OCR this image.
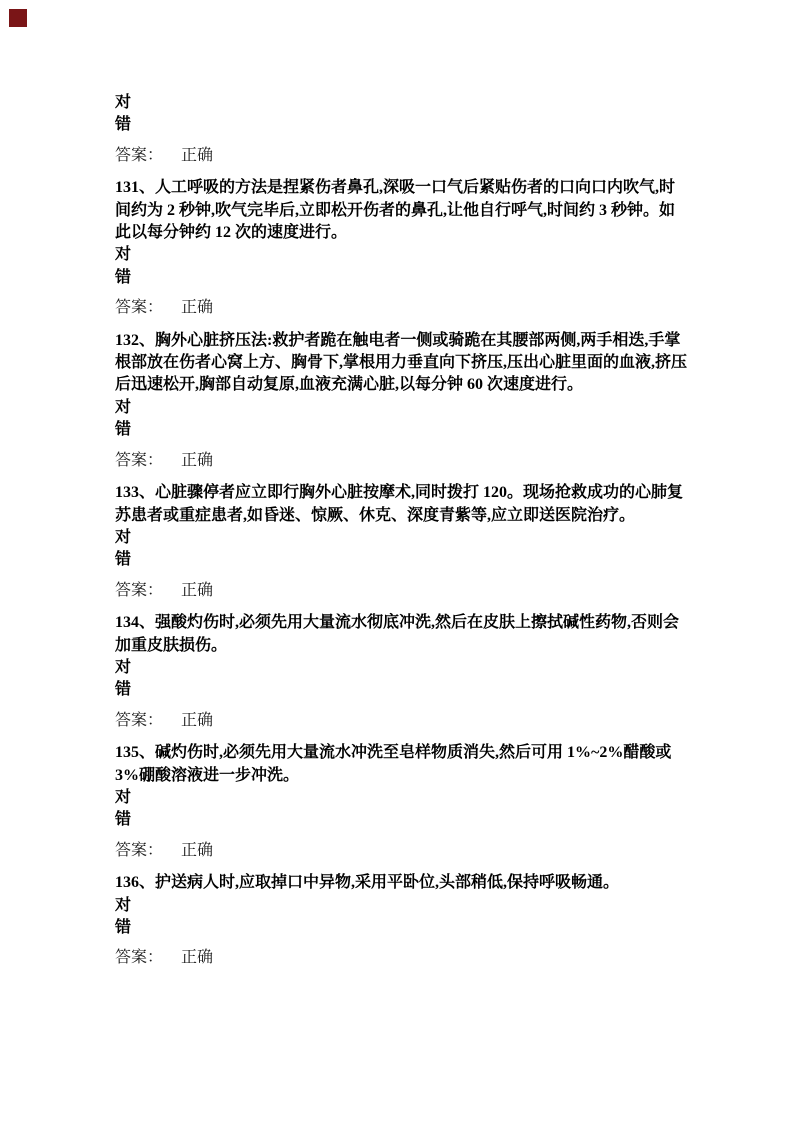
对
错
答案： 正确

131、人工呼吸的方法是捏紧伤者鼻孔,深吸一口气后紧贴伤者的口向口内吹气,时间约为 2 秒钟,吹气完毕后,立即松开伤者的鼻孔,让他自行呼气,时间约 3 秒钟。如此以每分钟约 12 次的速度进行。

对
错
答案： 正确

132、胸外心脏挤压法:救护者跪在触电者一侧或骑跪在其腰部两侧,两手相迭,手掌根部放在伤者心窝上方、胸骨下,掌根用力垂直向下挤压,压出心脏里面的血液,挤压后迅速松开,胸部自动复原,血液充满心脏,以每分钟 60 次速度进行。

对
错
答案： 正确

133、心脏骤停者应立即行胸外心脏按摩术,同时拨打 120。现场抢救成功的心肺复苏患者或重症患者,如昏迷、惊厥、休克、深度青紫等,应立即送医院治疗。

对
错
答案： 正确

134、强酸灼伤时,必须先用大量流水彻底冲洗,然后在皮肤上擦拭碱性药物,否则会加重皮肤损伤。

对
错
答案： 正确

135、碱灼伤时,必须先用大量流水冲洗至皂样物质消失,然后可用 1%~2%醋酸或 3%硼酸溶液进一步冲洗。

对
错
答案： 正确

136、护送病人时,应取掉口中异物,采用平卧位,头部稍低,保持呼吸畅通。

对
错
答案： 正确
